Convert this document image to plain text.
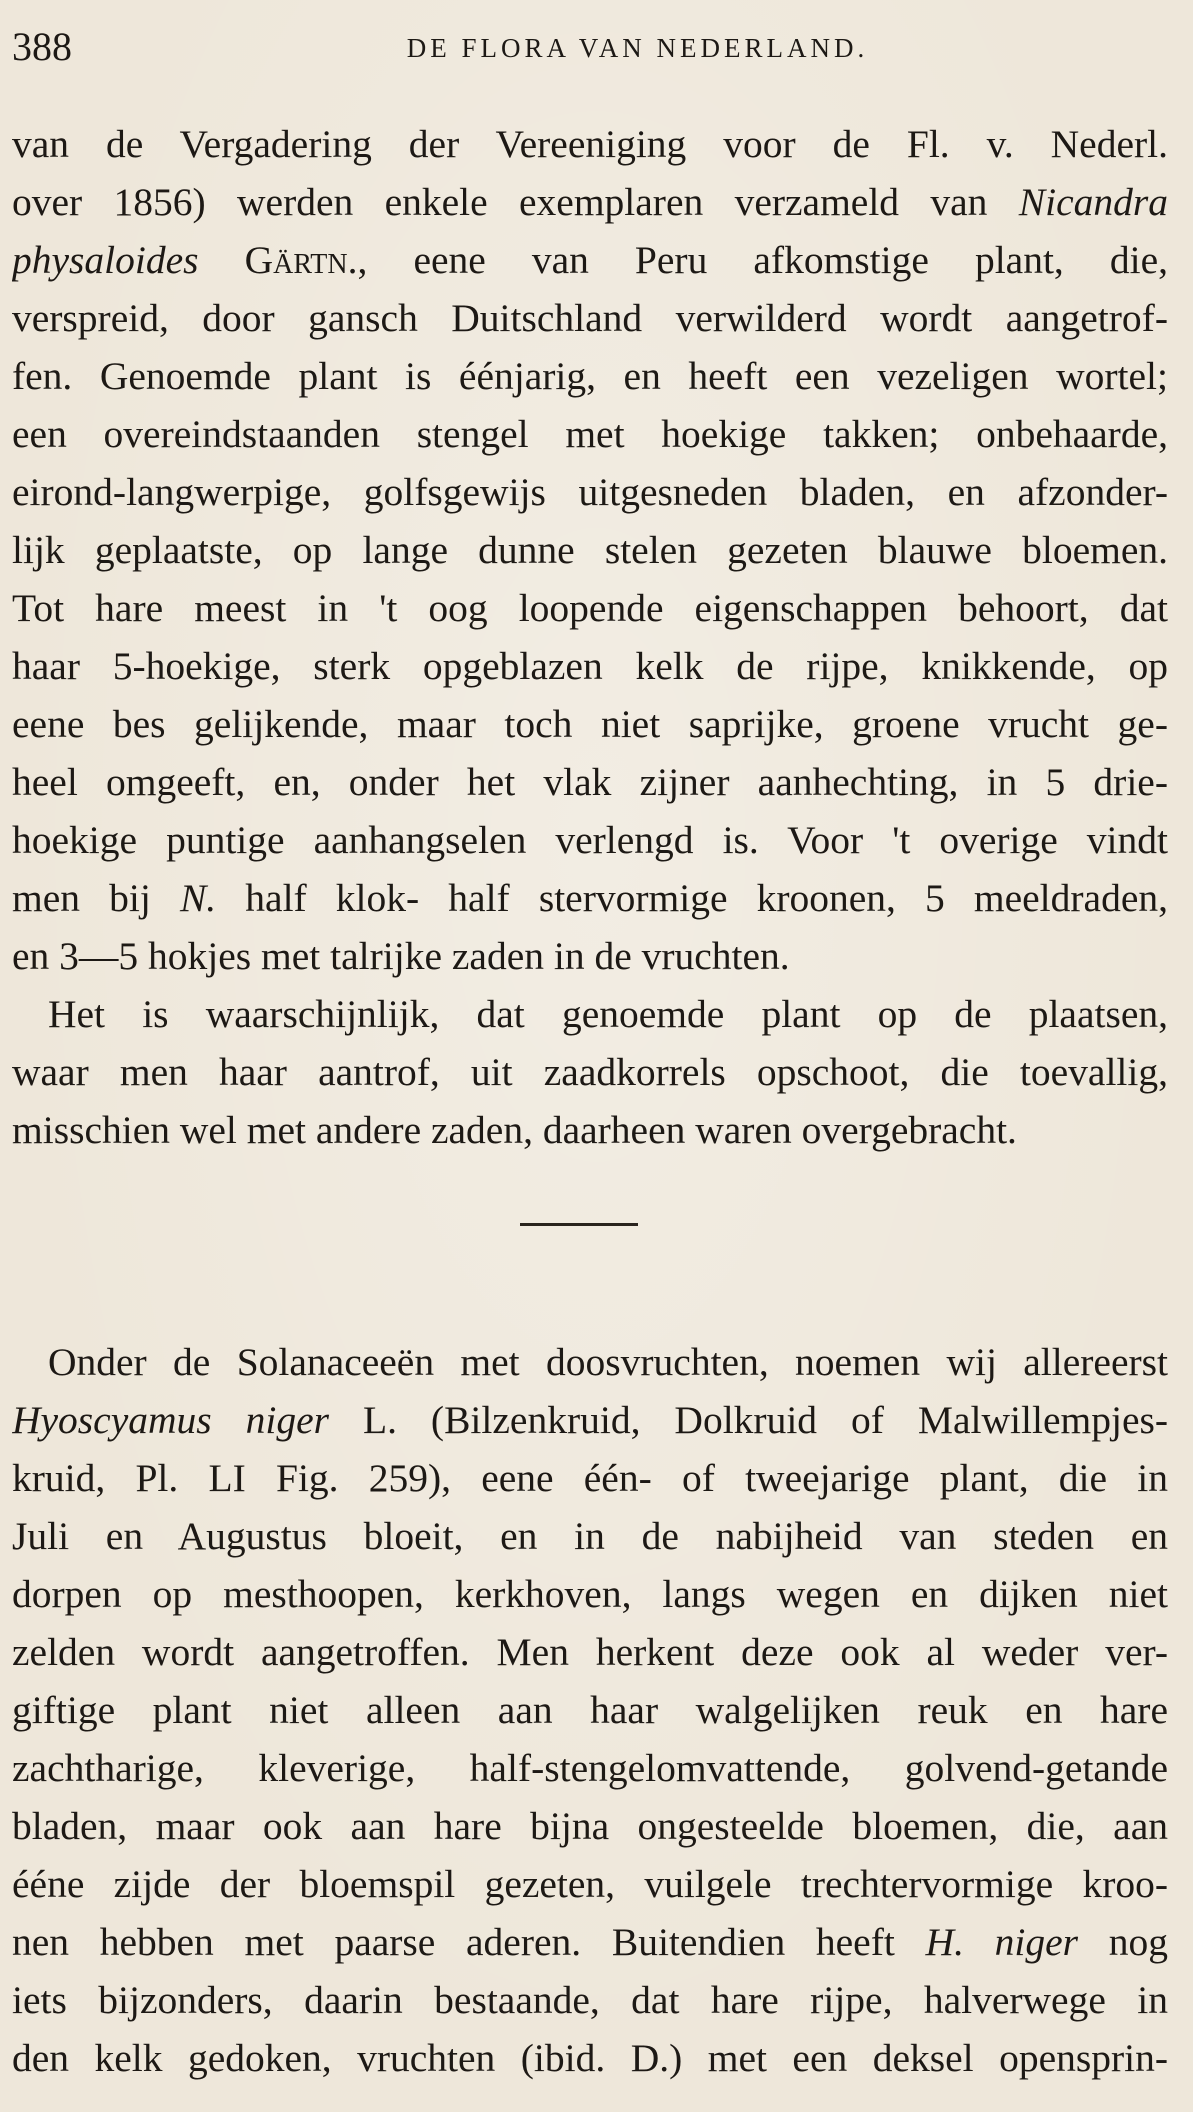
388	DE FLORA VAN NEDERLAND.
van de Vergadering der Vereeniging voor de Fl. v. Nederl.
over 1856) werden enkele exemplaren verzameld van Nicandra
physaloides Gärtn., eene van Peru afkomstige plant, die,
verspreid, door gansch Duitschland verwilderd wordt aangetrof-
fen. Genoemde plant is éénjarig, en heeft een vezeligen wortel;
een overeindstaanden stengel met hoekige takken; onbehaarde,
eirond-langwerpige, golfsgewijs uitgesneden bladen, en afzonder-
lijk geplaatste, op lange dunne stelen gezeten blauwe bloemen.
Tot hare meest in 't oog loopende eigenschappen behoort, dat
haar 5-hoekige, sterk opgeblazen kelk de rijpe, knikkende, op
eene bes gelijkende, maar toch niet saprijke, groene vrucht ge-
heel omgeeft, en, onder het vlak zijner aanhechting, in 5 drie-
hoekige puntige aanhangselen verlengd is. Voor 't overige vindt
men bij N. half klok- half stervormige kroonen, 5 meeldraden,
en 3—5 hokjes met talrijke zaden in de vruchten.
Het is waarschijnlijk, dat genoemde plant op de plaatsen,
waar men haar aantrof, uit zaadkorrels opschoot, die toevallig,
misschien wel met andere zaden, daarheen waren overgebracht.
Onder de Solanaceeën met doosvruchten, noemen wij allereerst
Hyoscyamus niger L. (Bilzenkruid, Dolkruid of Malwillempjes-
kruid, Pl. LI Fig. 259), eene één- of tweejarige plant, die in
Juli en Augustus bloeit, en in de nabijheid van steden en
dorpen op mesthoopen, kerkhoven, langs wegen en dijken niet
zelden wordt aangetroffen. Men herkent deze ook al weder ver-
giftige plant niet alleen aan haar walgelijken reuk en hare
zachtharige, kleverige, half-stengelomvattende, golvend-getande
bladen, maar ook aan hare bijna ongesteelde bloemen, die, aan
ééne zijde der bloemspil gezeten, vuilgele trechtervormige kroo-
nen hebben met paarse aderen. Buitendien heeft H. niger nog
iets bijzonders, daarin bestaande, dat hare rijpe, halverwege in
den kelk gedoken, vruchten (ibid. D.) met een deksel opensprin-
